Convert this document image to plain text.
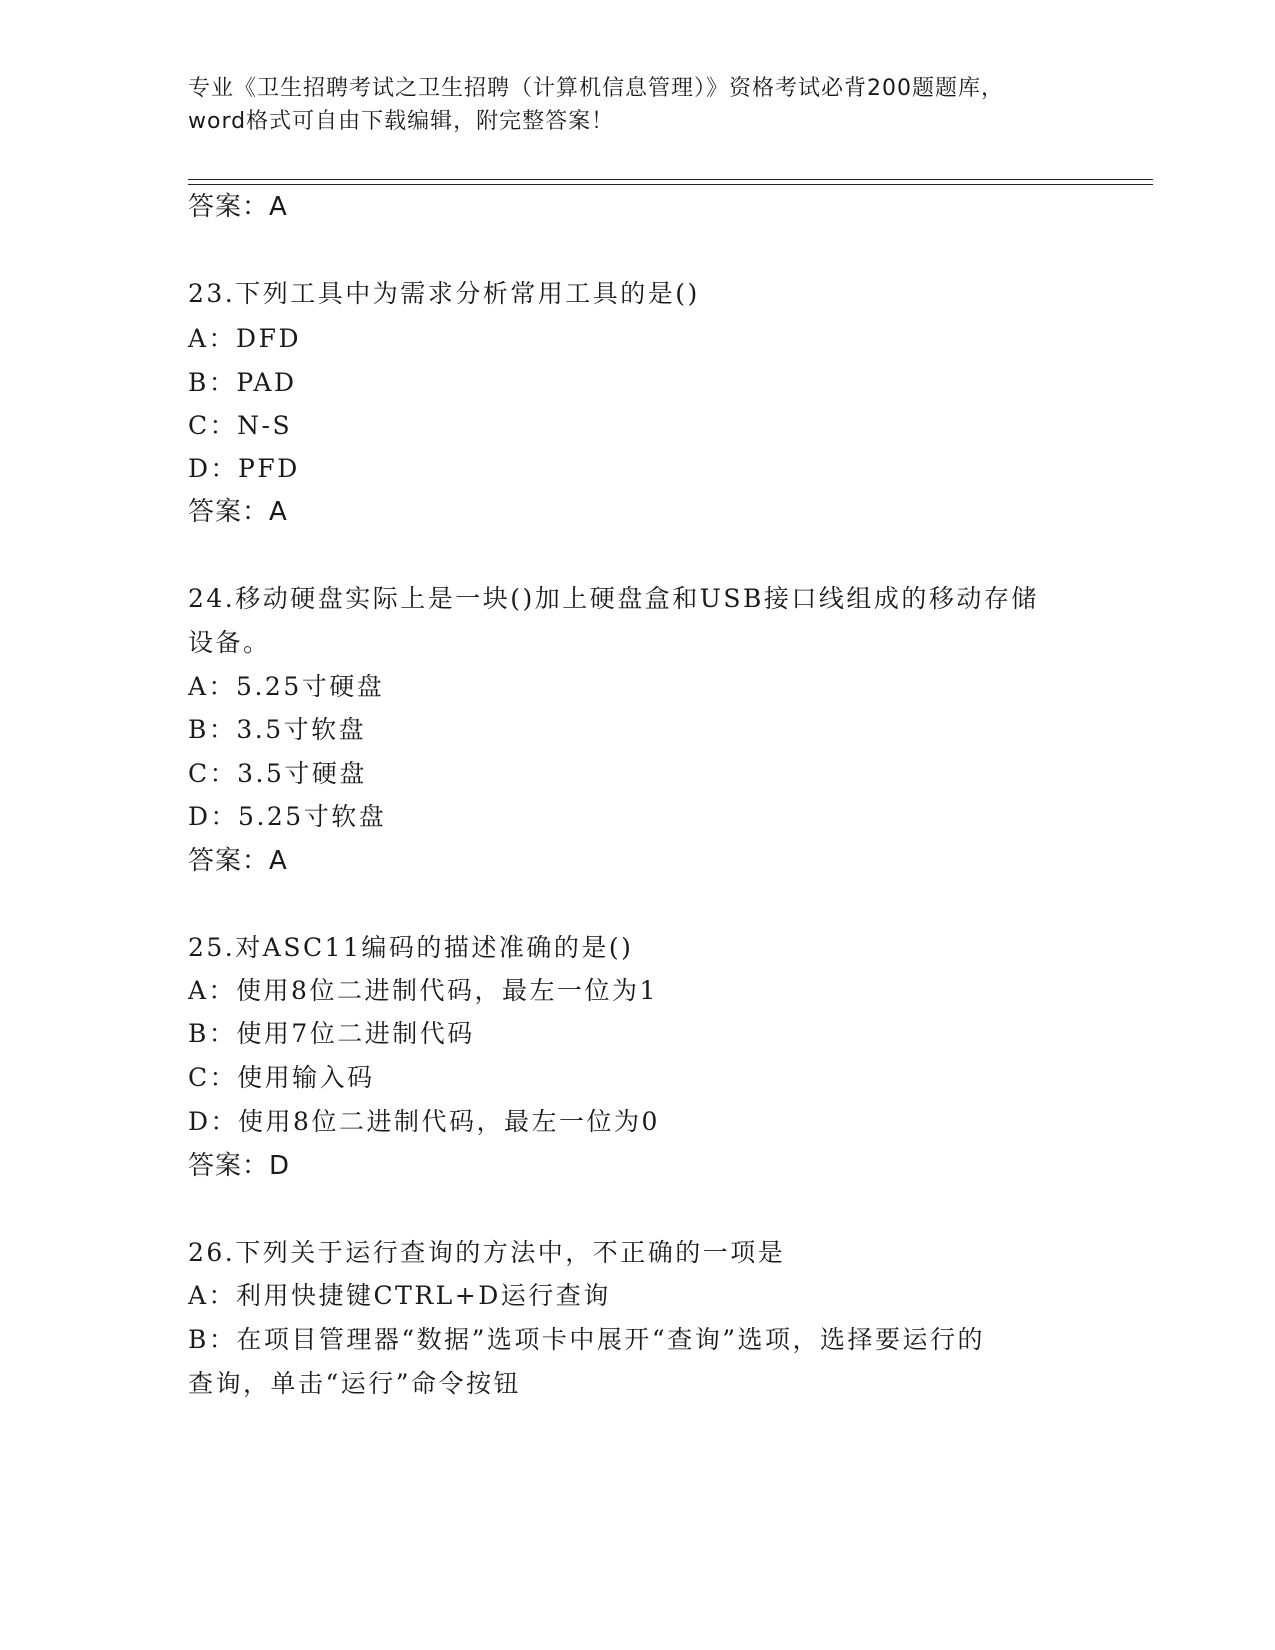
专业《卫生招聘考试之卫生招聘（计算机信息管理）》资格考试必背200题题库，
word格式可自由下载编辑，附完整答案！
答案：A
23.下列工具中为需求分析常用工具的是()
A：DFD
B：PAD
C：N-S
D：PFD
答案：A
24.移动硬盘实际上是一块()加上硬盘盒和USB接口线组成的移动存储
设备。
A：5.25寸硬盘
B：3.5寸软盘
C：3.5寸硬盘
D：5.25寸软盘
答案：A
25.对ASC11编码的描述准确的是()
A：使用8位二进制代码，最左一位为1
B：使用7位二进制代码
C：使用输入码
D：使用8位二进制代码，最左一位为0
答案：D
26.下列关于运行查询的方法中，不正确的一项是
A：利用快捷键CTRL+D运行查询
B：在项目管理器“数据”选项卡中展开“查询”选项，选择要运行的
查询，单击“运行”命令按钮
